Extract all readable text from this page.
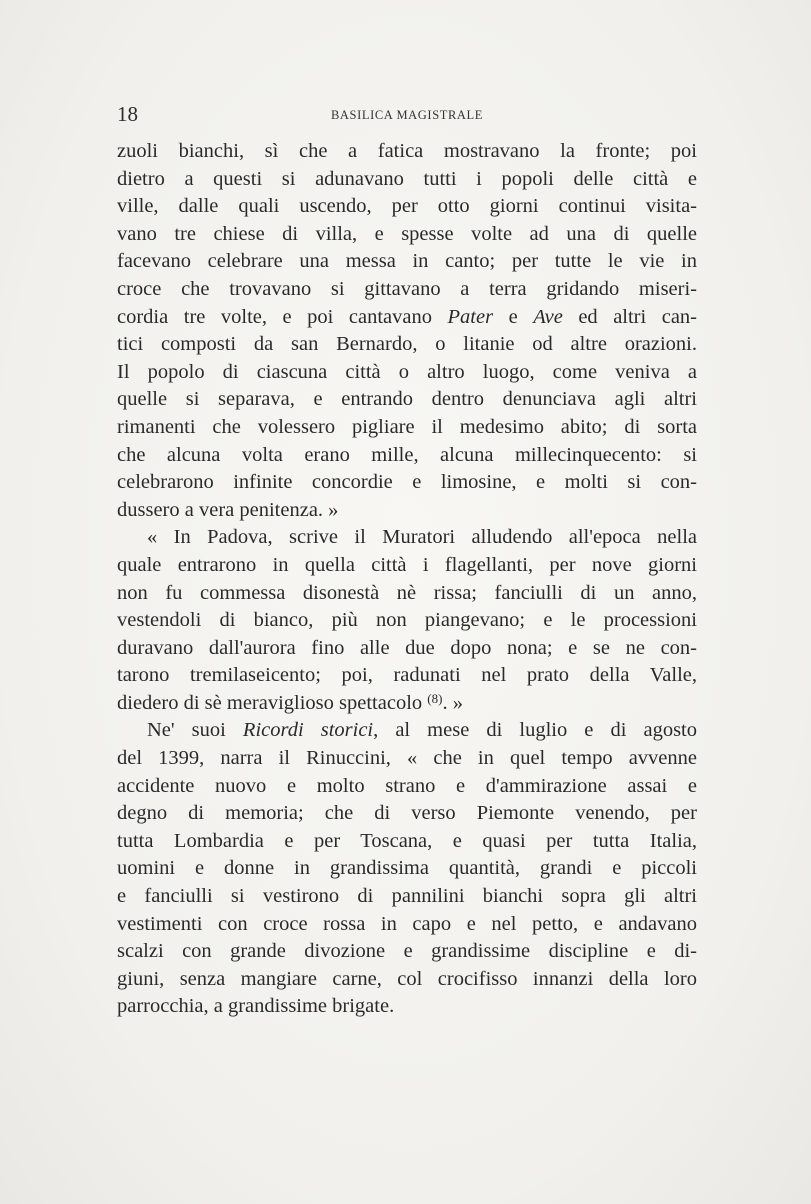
18	BASILICA MAGISTRALE
zuoli bianchi, sì che a fatica mostravano la fronte; poi
dietro a questi si adunavano tutti i popoli delle città e
ville, dalle quali uscendo, per otto giorni continui visita-
vano tre chiese di villa, e spesse volte ad una di quelle
facevano celebrare una messa in canto; per tutte le vie in
croce che trovavano si gittavano a terra gridando miseri-
cordia tre volte, e poi cantavano Pater e Ave ed altri can-
tici composti da san Bernardo, o litanie od altre orazioni.
Il popolo di ciascuna città o altro luogo, come veniva a
quelle si separava, e entrando dentro denunciava agli altri
rimanenti che volessero pigliare il medesimo abito; di sorta
che alcuna volta erano mille, alcuna millecinquecento: si
celebrarono infinite concordie e limosine, e molti si con-
dussero a vera penitenza. »
« In Padova, scrive il Muratori alludendo all'epoca nella
quale entrarono in quella città i flagellanti, per nove giorni
non fu commessa disonestà nè rissa; fanciulli di un anno,
vestendoli di bianco, più non piangevano; e le processioni
duravano dall'aurora fino alle due dopo nona; e se ne con-
tarono tremilaseicento; poi, radunati nel prato della Valle,
diedero di sè meraviglioso spettacolo $^{(8)}$. »
Ne' suoi Ricordi storici, al mese di luglio e di agosto
del 1399, narra il Rinuccini, « che in quel tempo avvenne
accidente nuovo e molto strano e d'ammirazione assai e
degno di memoria; che di verso Piemonte venendo, per
tutta Lombardia e per Toscana, e quasi per tutta Italia,
uomini e donne in grandissima quantità, grandi e piccoli
e fanciulli si vestirono di pannilini bianchi sopra gli altri
vestimenti con croce rossa in capo e nel petto, e andavano
scalzi con grande divozione e grandissime discipline e di-
giuni, senza mangiare carne, col crocifisso innanzi della loro
parrocchia, a grandissime brigate.
